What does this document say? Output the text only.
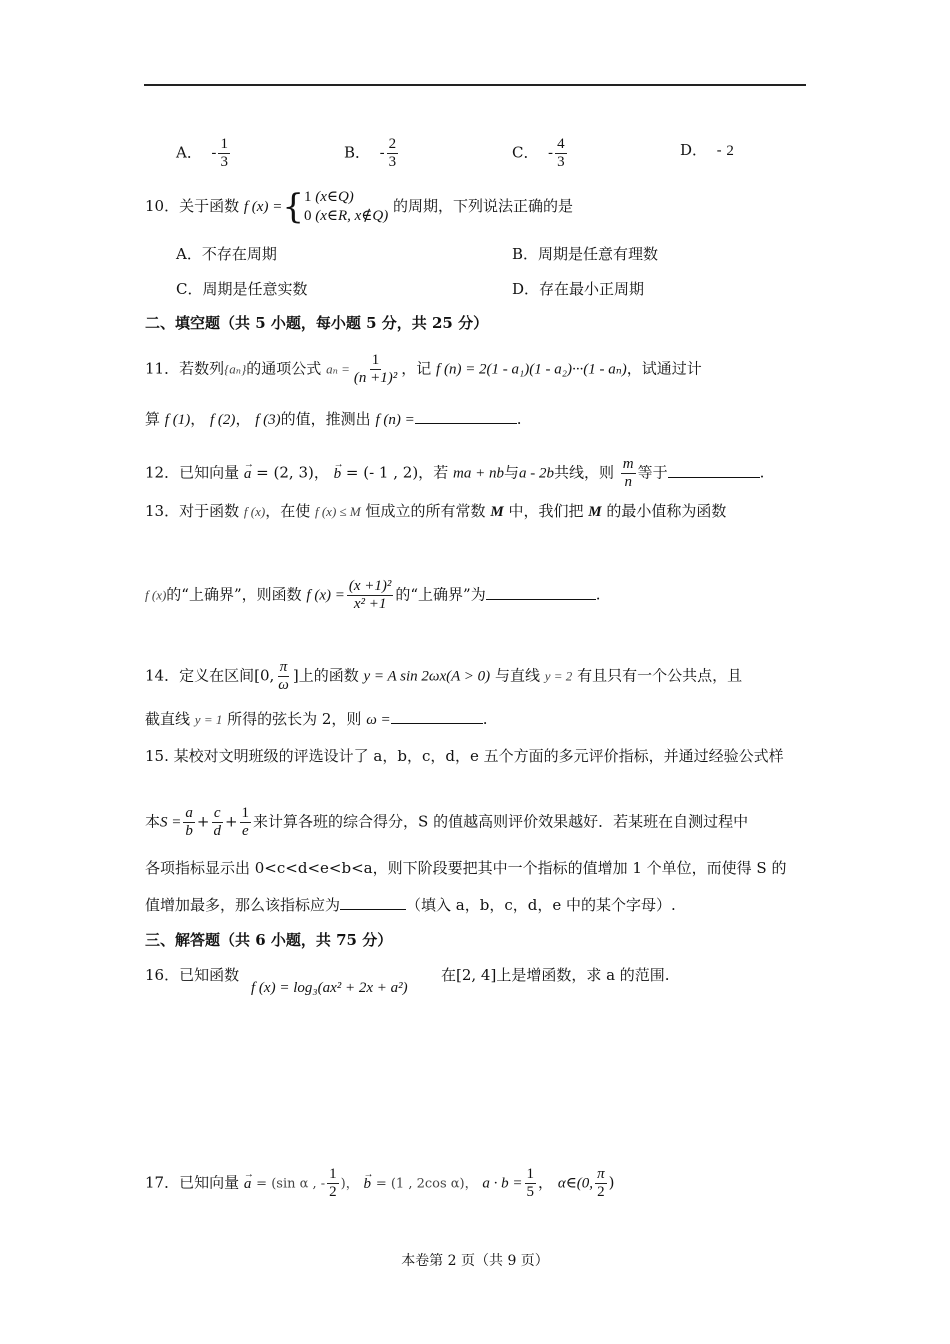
A．  - $\frac{1}{3}$	B．  - $\frac{2}{3}$	C．  - $\frac{4}{3}$	D．  - 2
10．关于函数 f (x) = { 1 (x∈Q)
0 (x∈R, x∉Q)
的周期，下列说法正确的是
A．不存在周期	B．周期是任意有理数
C．周期是任意实数	D．存在最小正周期
二、填空题（共 5 小题，每小题 5 分，共 25 分）
11．若数列{aₙ}的通项公式 $a_n = \frac{1}{\text{(n +1)²}}$ ，记 f (n) = 2(1 - a₁)(1 - a₂)···(1 - aₙ)，试通过计
算 f (1)， f (2)， f (3)的值，推测出 f (n) =	.
12．已知向量 → a = (2, 3)， → b = (- 1 , 2)，若 ma + nb与a - 2b共线，则 $\frac{m}{n}$ 等于	.
13．对于函数 f (x)，在使 f (x) ≤ M 恒成立的所有常数 M 中，我们把 M 的最小值称为函数
f (x)的“上确界”，则函数 f $(x) = \frac{\text{(x +1)²}}{\text{x² +1}}$ 的“上确界”为	.
14．定义在区间[0, $\frac{\pi}{\omega}$ ]上的函数 y = A sin 2ωx(A > 0) 与直线 y = 2 有且只有一个公共点，且
截直线 y = 1 所得的弦长为 2，则 ω =	.
15. 某校对文明班级的评选设计了 a，b，c，d，e 五个方面的多元评价指标，并通过经验公式样
本$S = \frac{a}{b} + \frac{c}{d} + \frac{1}{e}$ 来计算各班的综合得分，S 的值越高则评价效果越好．若某班在自测过程中
各项指标显示出 0<c<d<e<b<a，则下阶段要把其中一个指标的值增加 1 个单位，而使得 S 的
值增加最多，那么该指标应为	（填入 a，b，c，d，e 中的某个字母）.
三、解答题（共 6 小题，共 75 分）
16．已知函数
f (x) = log₃(ax² + 2x + a²)
在[2, 4]上是增函数，求 a 的范围.
17．已知向量 → a = (sin α , - $\frac{1}{2}$ )， → b = (1 , 2cos α)， $a \cdot b = \frac{1}{5}$ ， α∈(0, $\frac{\pi}{2}$ )
本卷第 2 页（共 9 页）
